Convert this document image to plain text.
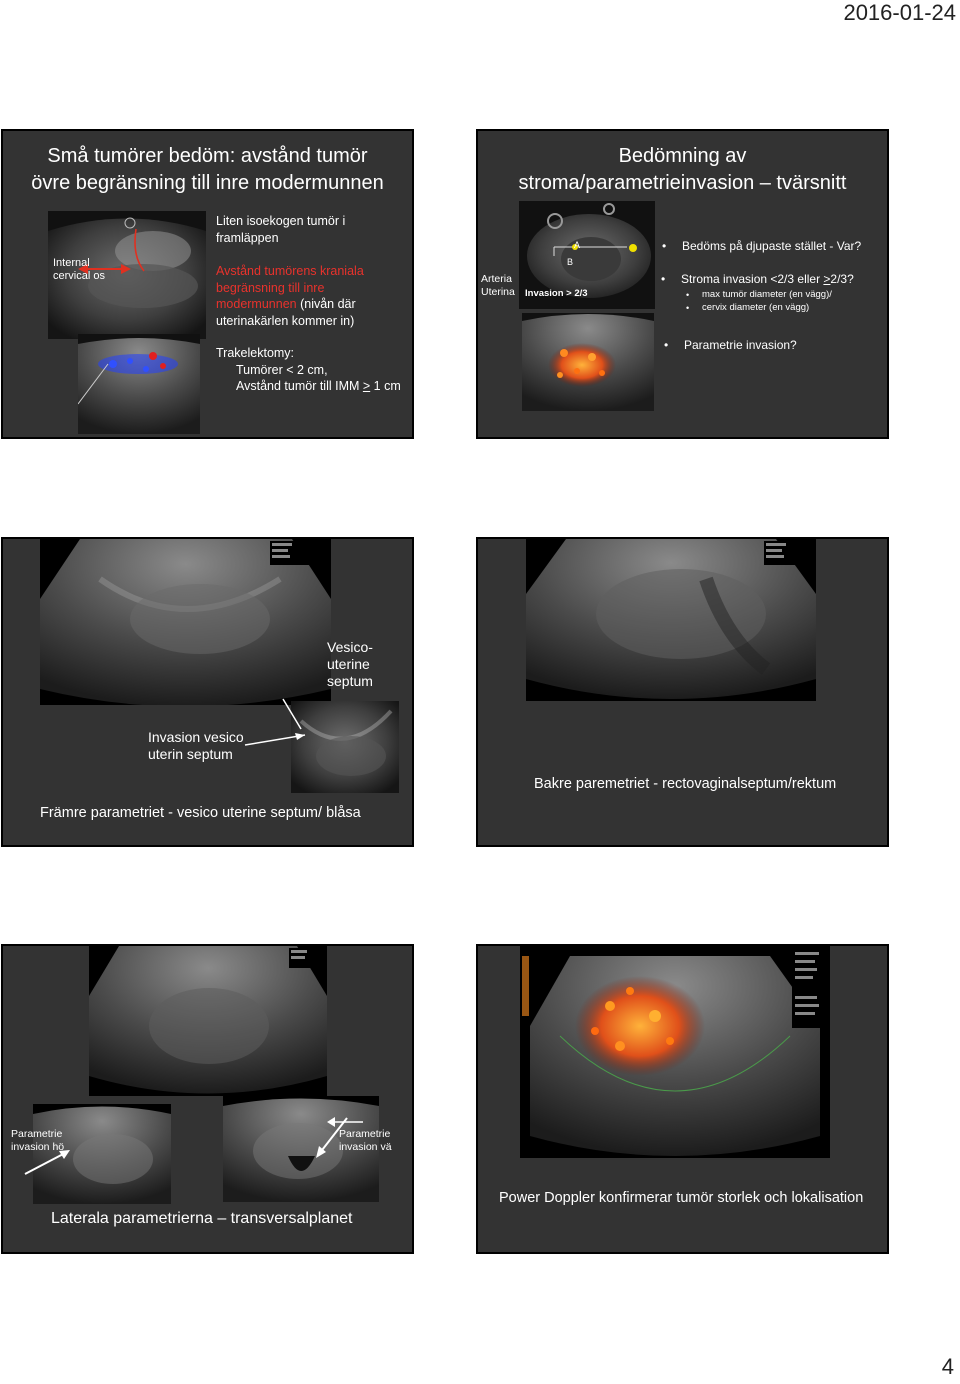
2016-01-24
Små tumörer bedöm: avstånd tumör
övre begränsning till inre modermunnen
Internal
cervical os
Liten isoekogen tumör i
framläppen
Avstånd tumörens kraniala
begränsning till inre
modermunnen (nivån där
uterinakärlen kommer in)
Trakelektomy:
Tumörer < 2 cm,
Avstånd tumör till IMM > 1 cm
Bedömning av
stroma/parametrieinvasion – tvärsnitt
Arteria
Uterina
A
B
Invasion > 2/3
• Bedöms på djupaste stället - Var?
• Stroma invasion <2/3 eller >2/3?
• max tumör diameter (en vägg)/
• cervix diameter (en vägg)
• Parametrie invasion?
Vesico-
uterine
septum
Invasion vesico
uterin septum
Främre parametriet - vesico uterine septum/ blåsa
Bakre paremetriet - rectovaginalseptum/rektum
Parametrie
invasion hö
Parametrie
invasion vä
Laterala parametrierna – transversalplanet
Power Doppler konfirmerar tumör storlek och lokalisation
4
